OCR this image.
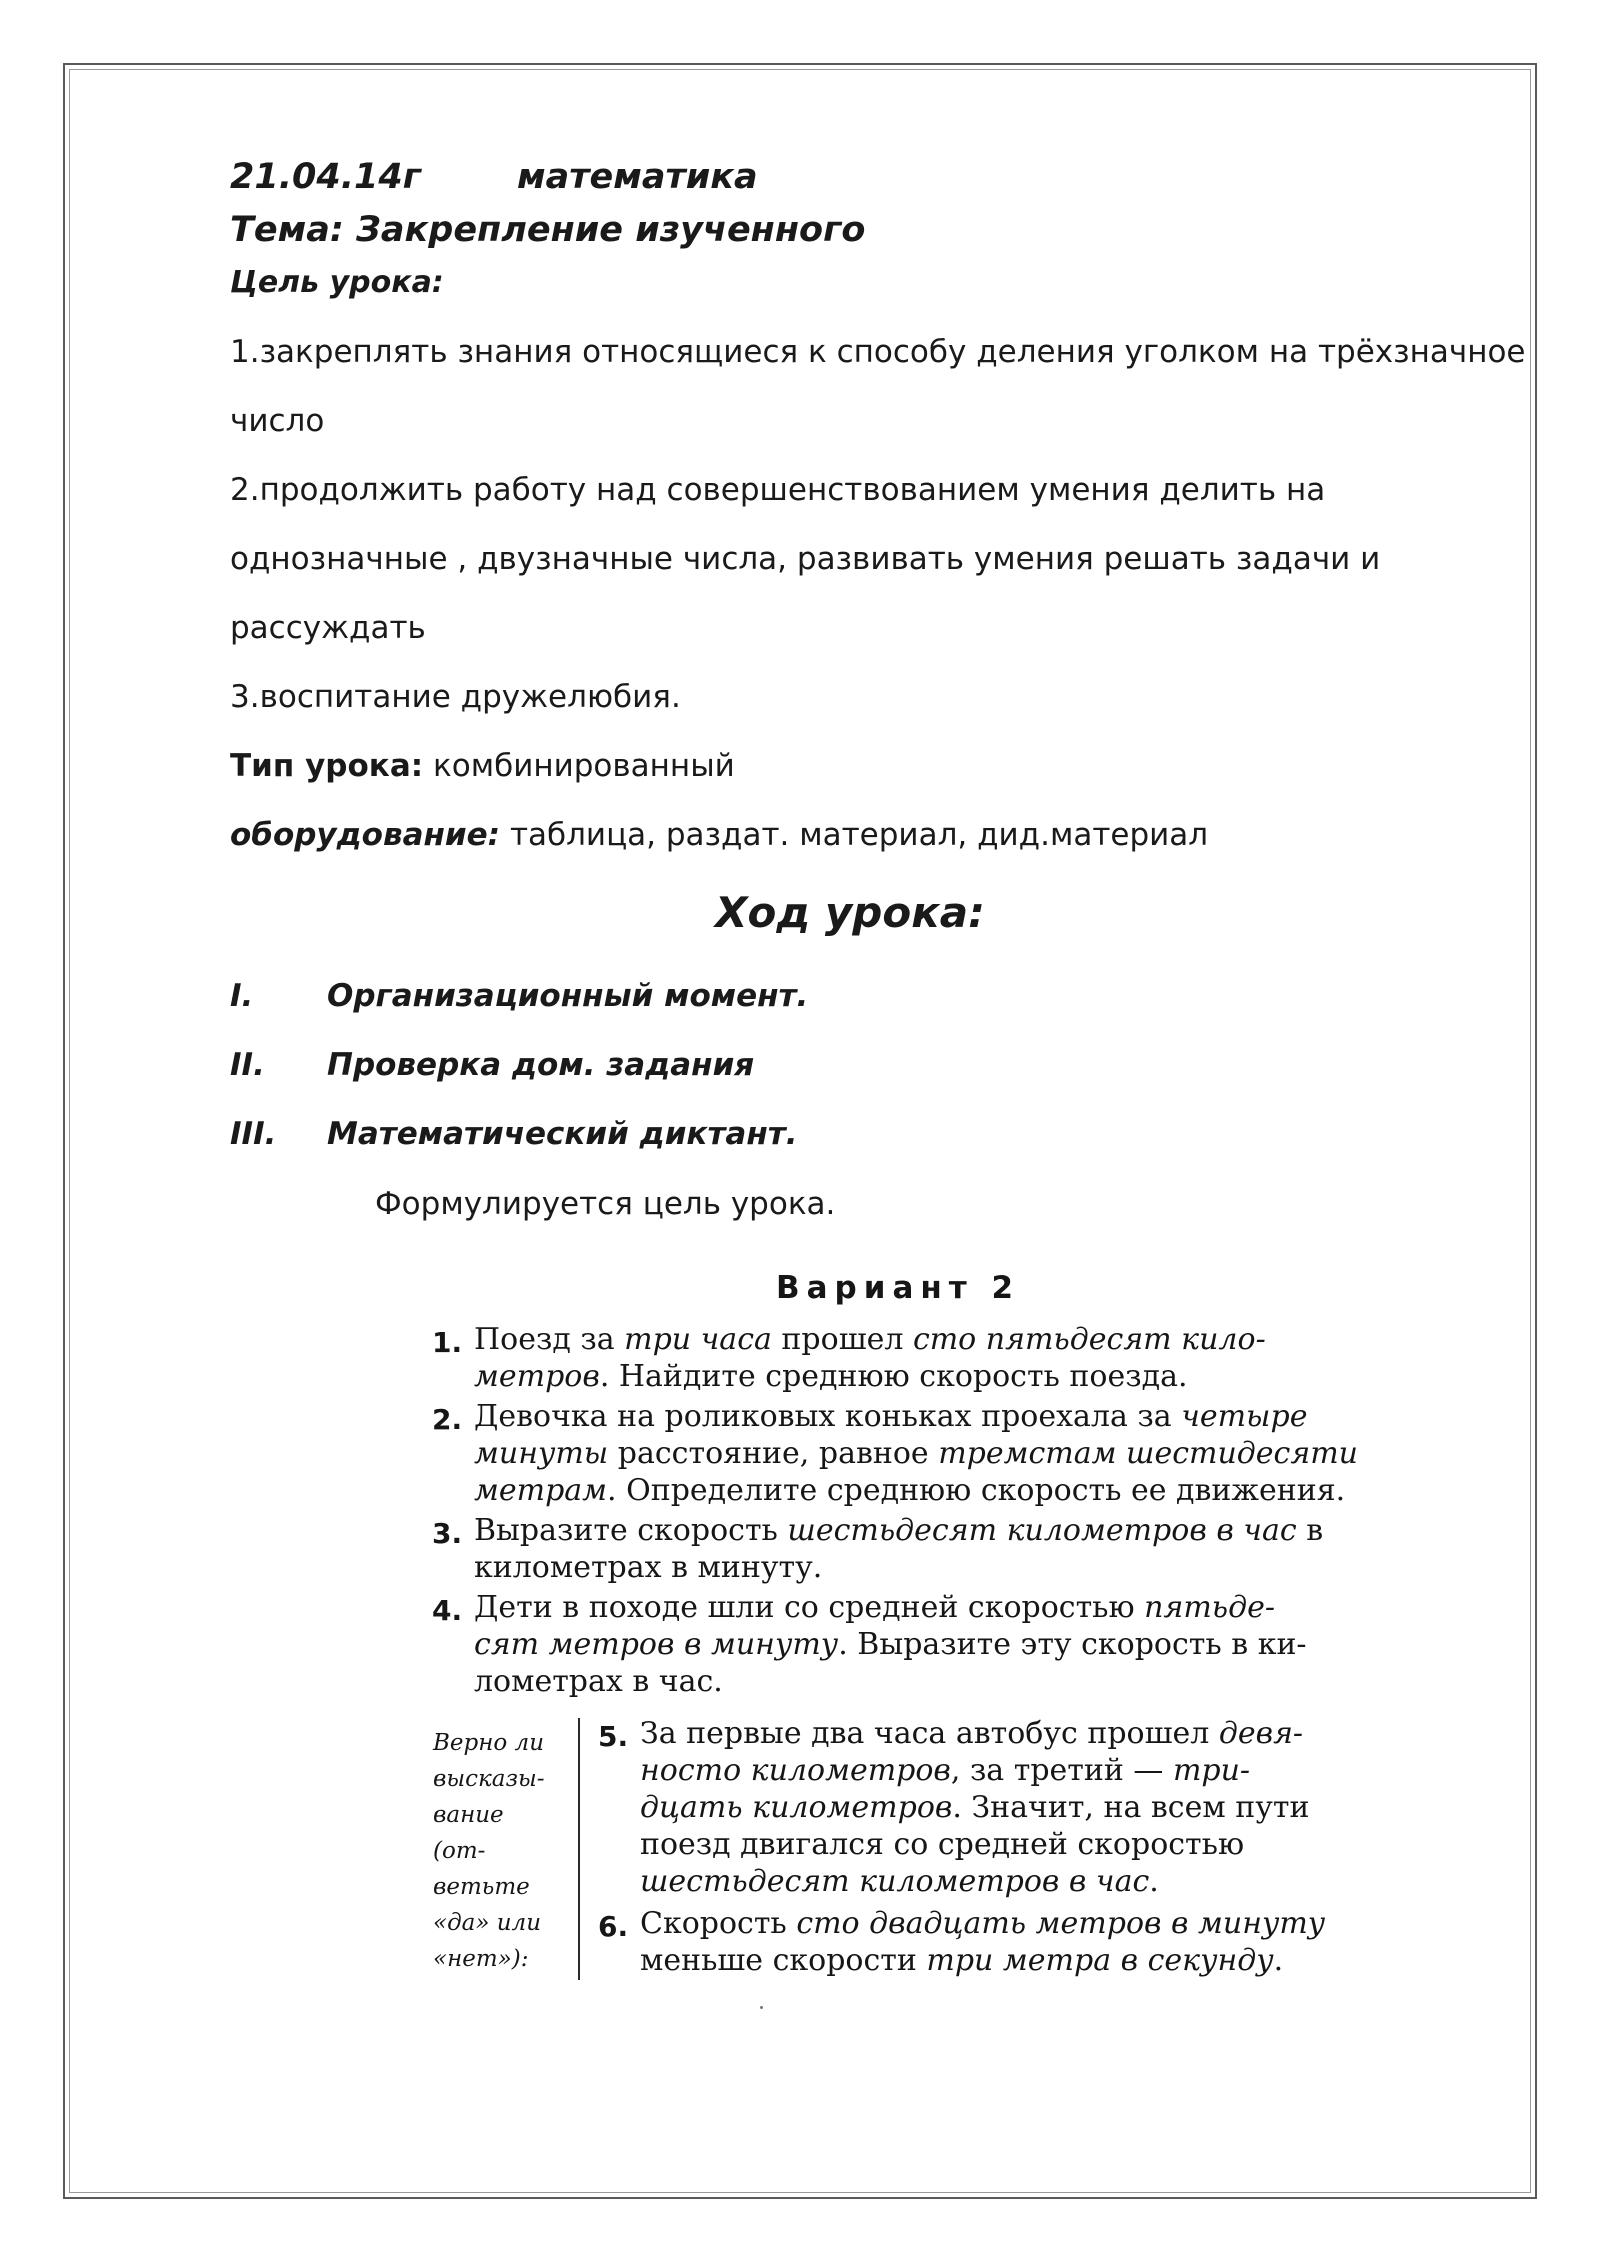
21.04.14г	математика
Тема: Закрепление изученного
Цель урока:
1.закреплять знания относящиеся к способу деления уголком на трёхзначное
число
2.продолжить работу над совершенствованием умения делить на
однозначные , двузначные числа, развивать умения решать задачи и
рассуждать
3.воспитание дружелюбия.
Тип урока: комбинированный
оборудование: таблица, раздат. материал, дид.материал
Ход урока:
I. Организационный момент.
II. Проверка дом. задания
III. Математический диктант.
Формулируется цель урока.
Вариант 2
1.
2.
3.
4.
5.
6.
Поезд за три часа прошел сто пятьдесят кило-
метров. Найдите среднюю скорость поезда.
Девочка на роликовых коньках проехала за четыре
минуты расстояние, равное тремстам шестидесяти
метрам. Определите среднюю скорость ее движения.
Выразите скорость шестьдесят километров в час в
километрах в минуту.
Дети в походе шли со средней скоростью пятьде-
сят метров в минуту. Выразите эту скорость в ки-
лометрах в час.
Верно ли
высказы-
вание
(от-
ветьте
«да» или
«нет»):
За первые два часа автобус прошел девя-
носто километров, за третий — три-
дцать километров. Значит, на всем пути
поезд двигался со средней скоростью
шестьдесят километров в час.
Скорость сто двадцать метров в минуту
меньше скорости три метра в секунду.
